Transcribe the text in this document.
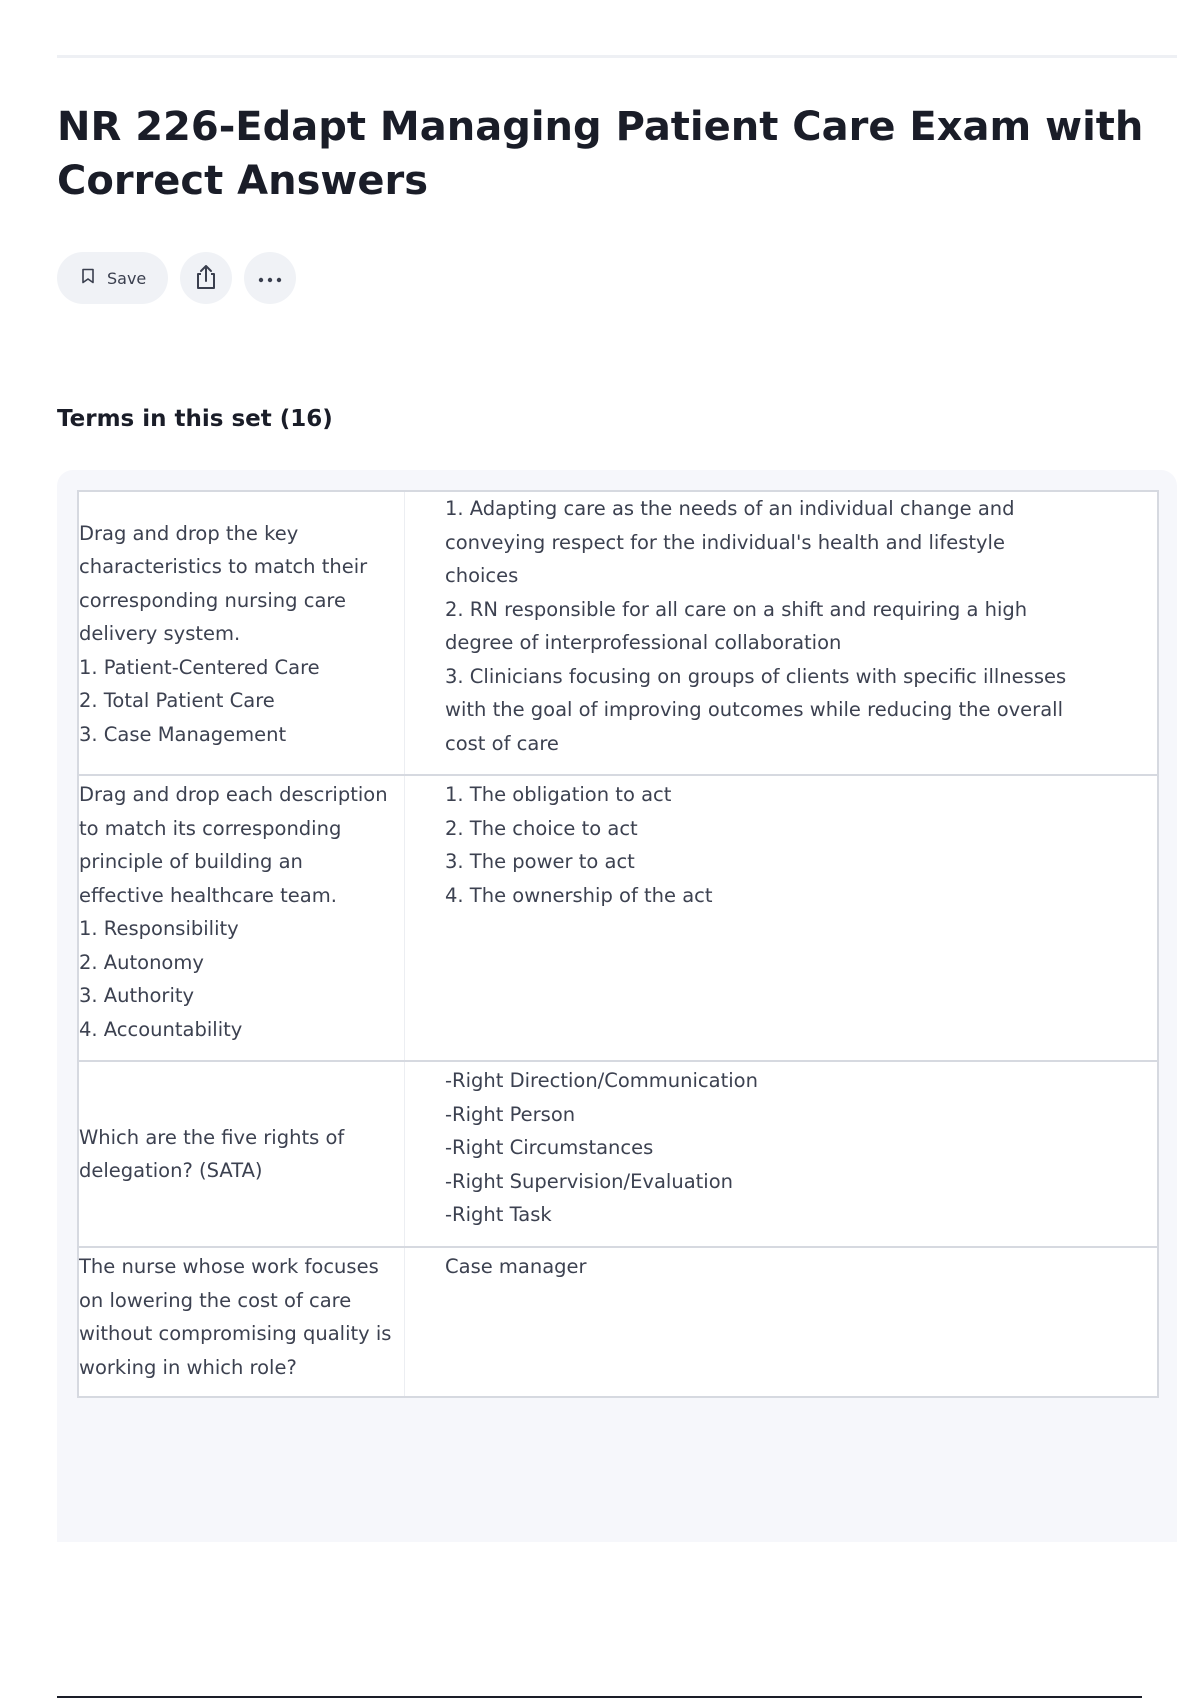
NR 226-Edapt Managing Patient Care Exam with Correct Answers
Save
Terms in this set (16)
Drag and drop the key
characteristics to match their
corresponding nursing care
delivery system.
1. Patient-Centered Care
2. Total Patient Care
3. Case Management
1. Adapting care as the needs of an individual change and
conveying respect for the individual's health and lifestyle
choices
2. RN responsible for all care on a shift and requiring a high
degree of interprofessional collaboration
3. Clinicians focusing on groups of clients with specific illnesses
with the goal of improving outcomes while reducing the overall
cost of care
Drag and drop each description
to match its corresponding
principle of building an
effective healthcare team.
1. Responsibility
2. Autonomy
3. Authority
4. Accountability
1. The obligation to act
2. The choice to act
3. The power to act
4. The ownership of the act
Which are the five rights of
delegation? (SATA)
-Right Direction/Communication
-Right Person
-Right Circumstances
-Right Supervision/Evaluation
-Right Task
The nurse whose work focuses
on lowering the cost of care
without compromising quality is
working in which role?
Case manager
